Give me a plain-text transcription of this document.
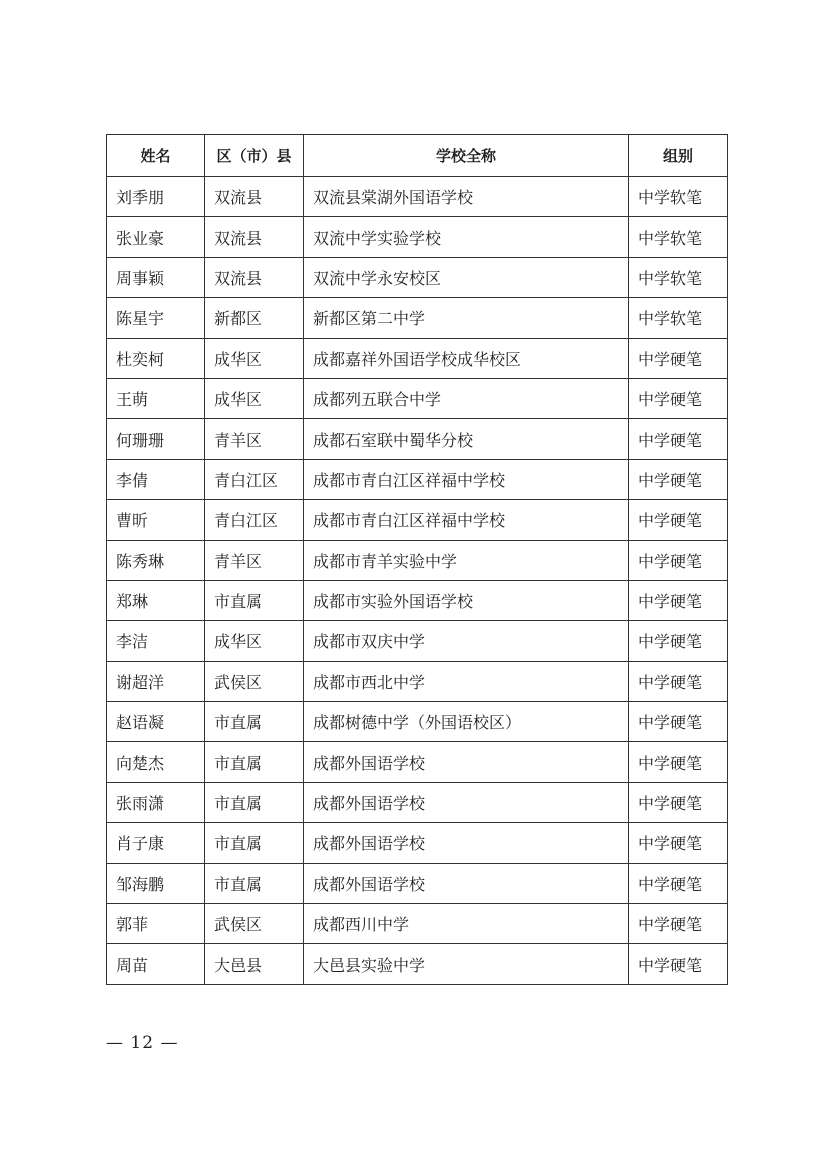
姓名	区（市）县	学校全称	组别
刘季朋	双流县	双流县棠湖外国语学校	中学软笔
张业豪	双流县	双流中学实验学校	中学软笔
周事颖	双流县	双流中学永安校区	中学软笔
陈星宇	新都区	新都区第二中学	中学软笔
杜奕柯	成华区	成都嘉祥外国语学校成华校区	中学硬笔
王萌	成华区	成都列五联合中学	中学硬笔
何珊珊	青羊区	成都石室联中蜀华分校	中学硬笔
李倩	青白江区	成都市青白江区祥福中学校	中学硬笔
曹昕	青白江区	成都市青白江区祥福中学校	中学硬笔
陈秀琳	青羊区	成都市青羊实验中学	中学硬笔
郑琳	市直属	成都市实验外国语学校	中学硬笔
李洁	成华区	成都市双庆中学	中学硬笔
谢超洋	武侯区	成都市西北中学	中学硬笔
赵语凝	市直属	成都树德中学（外国语校区）	中学硬笔
向楚杰	市直属	成都外国语学校	中学硬笔
张雨潇	市直属	成都外国语学校	中学硬笔
肖子康	市直属	成都外国语学校	中学硬笔
邹海鹏	市直属	成都外国语学校	中学硬笔
郭菲	武侯区	成都西川中学	中学硬笔
周苗	大邑县	大邑县实验中学	中学硬笔
— 12 —
